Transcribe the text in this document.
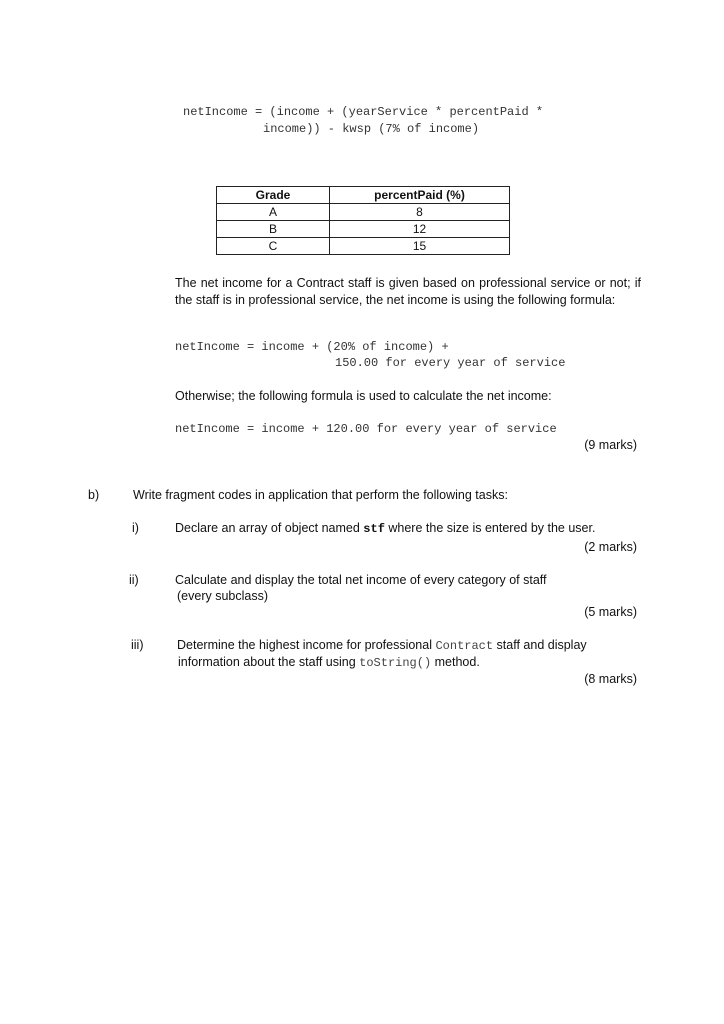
netIncome = (income + (yearService * percentPaid *
income)) - kwsp (7% of income)
Grade	percentPaid (%)
A	8
B	12
C	15
The net income for a Contract staff is given based on professional service or not; if the staff is in professional service, the net income is using the following formula:
netIncome = income + (20% of income) +
150.00 for every year of service
Otherwise; the following formula is used to calculate the net income:
netIncome = income + 120.00 for every year of service
(9 marks)
b)	Write fragment codes in application that perform the following tasks:
i)	Declare an array of object named stf where the size is entered by the user.
(2 marks)
ii)	Calculate and display the total net income of every category of staff
(every subclass)
(5 marks)
iii)	Determine the highest income for professional Contract staff and display
information about the staff using toString() method.
(8 marks)
